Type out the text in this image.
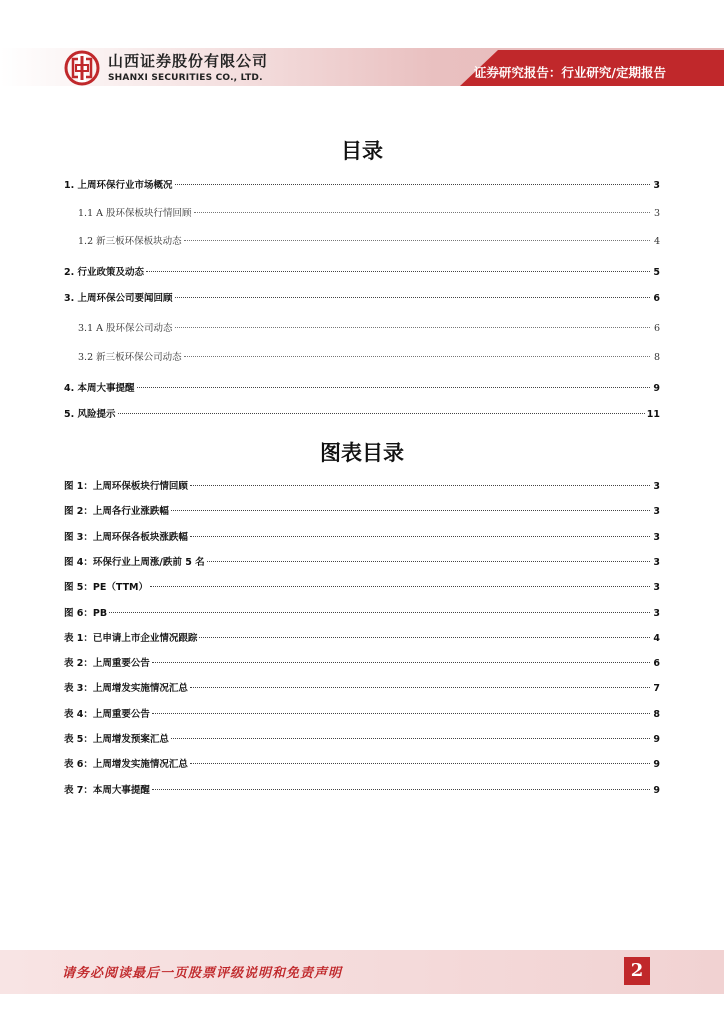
山西证券股份有限公司
SHANXI SECURITIES CO., LTD.	证券研究报告：行业研究/定期报告
目录
1. 上周环保行业市场概况	3
1.1 A 股环保板块行情回顾	3
1.2 新三板环保板块动态	4
2. 行业政策及动态	5
3. 上周环保公司要闻回顾	6
3.1 A 股环保公司动态	6
3.2 新三板环保公司动态	8
4. 本周大事提醒	9
5. 风险提示	11
图表目录
图 1：上周环保板块行情回顾	3
图 2：上周各行业涨跌幅	3
图 3：上周环保各板块涨跌幅	3
图 4：环保行业上周涨/跌前 5 名	3
图 5：PE（TTM）	3
图 6：PB	3
表 1：已申请上市企业情况跟踪	4
表 2：上周重要公告	6
表 3：上周增发实施情况汇总	7
表 4：上周重要公告	8
表 5：上周增发预案汇总	9
表 6：上周增发实施情况汇总	9
表 7：本周大事提醒	9
请务必阅读最后一页股票评级说明和免责声明	2
